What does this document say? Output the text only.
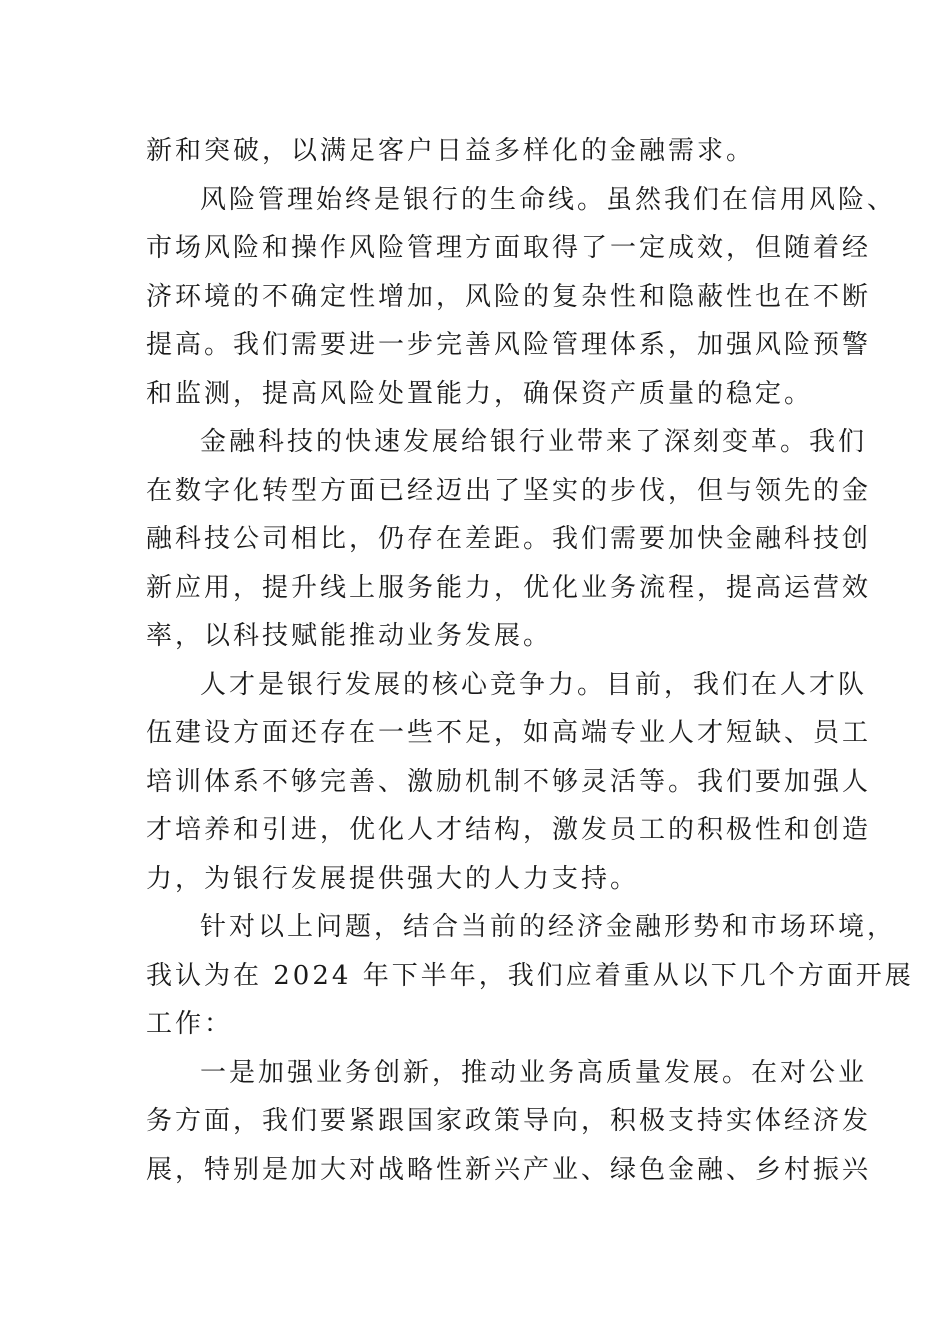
新和突破，以满足客户日益多样化的金融需求。
风险管理始终是银行的生命线。虽然我们在信用风险、
市场风险和操作风险管理方面取得了一定成效，但随着经
济环境的不确定性增加，风险的复杂性和隐蔽性也在不断
提高。我们需要进一步完善风险管理体系，加强风险预警
和监测，提高风险处置能力，确保资产质量的稳定。
金融科技的快速发展给银行业带来了深刻变革。我们
在数字化转型方面已经迈出了坚实的步伐，但与领先的金
融科技公司相比，仍存在差距。我们需要加快金融科技创
新应用，提升线上服务能力，优化业务流程，提高运营效
率，以科技赋能推动业务发展。
人才是银行发展的核心竞争力。目前，我们在人才队
伍建设方面还存在一些不足，如高端专业人才短缺、员工
培训体系不够完善、激励机制不够灵活等。我们要加强人
才培养和引进，优化人才结构，激发员工的积极性和创造
力，为银行发展提供强大的人力支持。
针对以上问题，结合当前的经济金融形势和市场环境，
我认为在 2024 年下半年，我们应着重从以下几个方面开展
工作：
一是加强业务创新，推动业务高质量发展。在对公业
务方面，我们要紧跟国家政策导向，积极支持实体经济发
展，特别是加大对战略性新兴产业、绿色金融、乡村振兴
